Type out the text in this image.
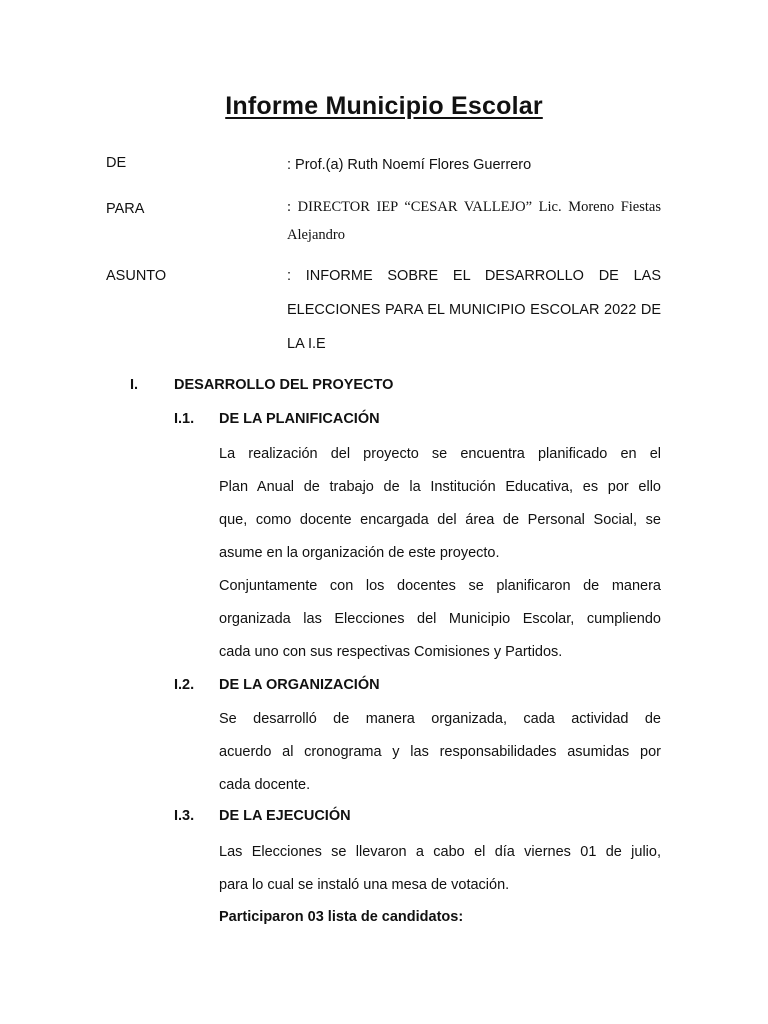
Informe Municipio Escolar
DE	: Prof.(a) Ruth Noemí Flores Guerrero
PARA	: DIRECTOR IEP “CESAR VALLEJO” Lic. Moreno Fiestas
Alejandro
ASUNTO	: INFORME SOBRE EL DESARROLLO DE LAS
ELECCIONES PARA EL MUNICIPIO ESCOLAR 2022 DE
LA I.E
I. DESARROLLO DEL PROYECTO
I.1. DE LA PLANIFICACIÓN
La realización del proyecto se encuentra planificado en el
Plan Anual de trabajo de la Institución Educativa, es por ello
que, como docente encargada del área de Personal Social, se
asume en la organización de este proyecto.
Conjuntamente con los docentes se planificaron de manera
organizada las Elecciones del Municipio Escolar, cumpliendo
cada uno con sus respectivas Comisiones y Partidos.
I.2. DE LA ORGANIZACIÓN
Se desarrolló de manera organizada, cada actividad de
acuerdo al cronograma y las responsabilidades asumidas por
cada docente.
I.3. DE LA EJECUCIÓN
Las Elecciones se llevaron a cabo el día viernes 01 de julio,
para lo cual se instaló una mesa de votación.
Participaron 03 lista de candidatos:
